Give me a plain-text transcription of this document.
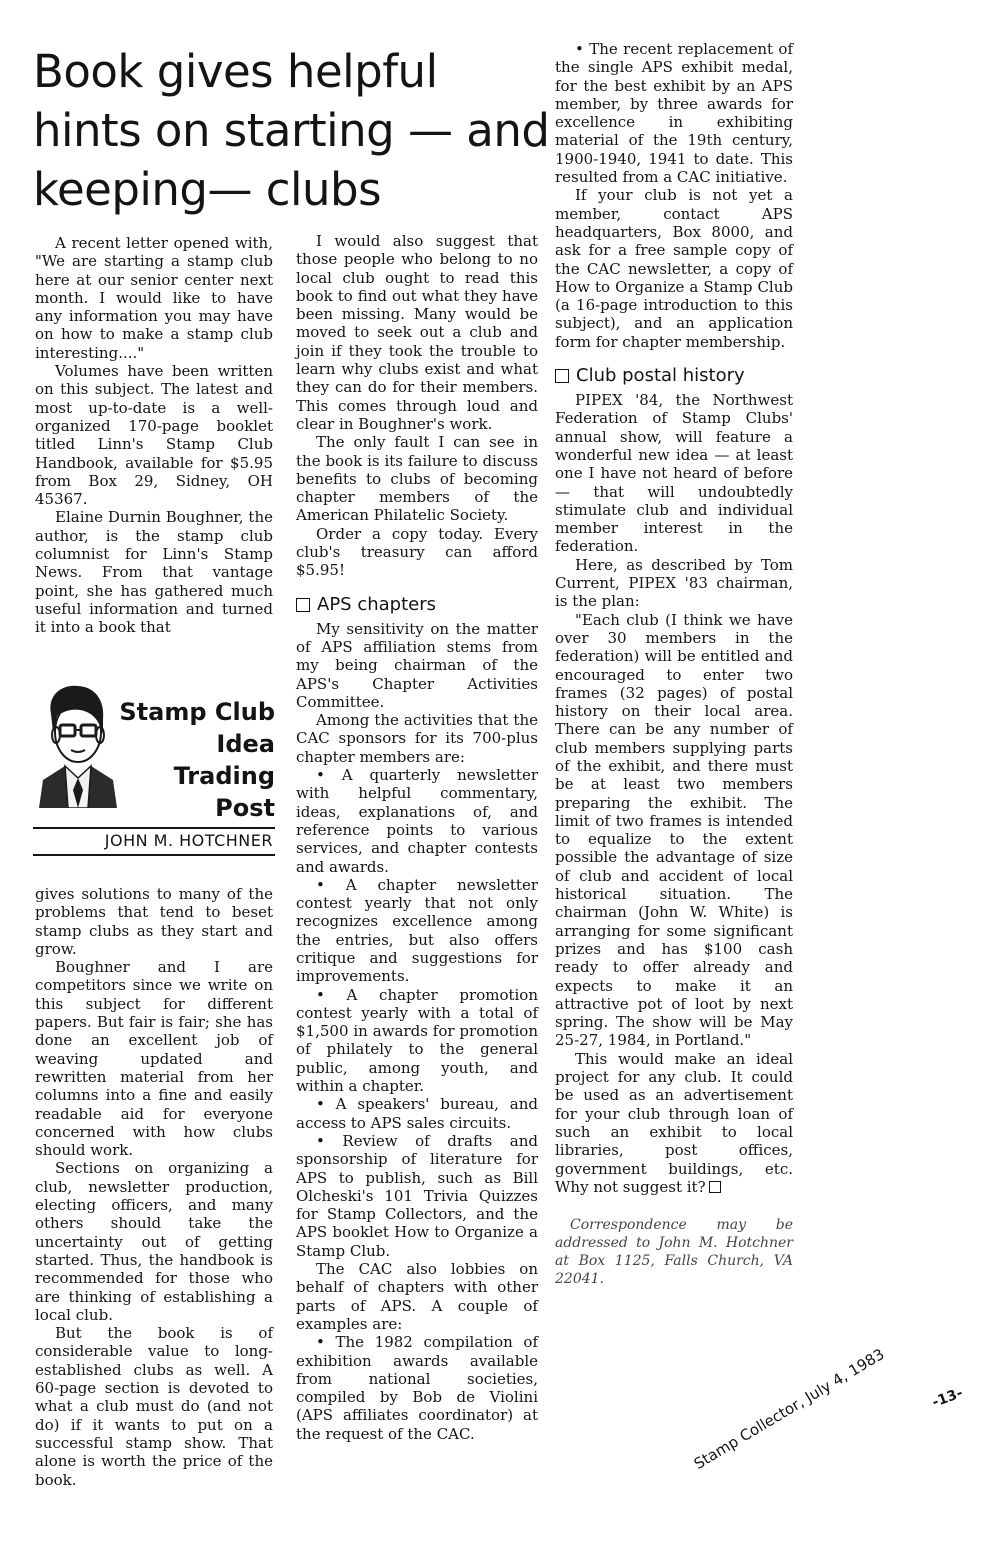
Book gives helpful hints on starting — and keeping— clubs

A recent letter opened with, "We are starting a stamp club here at our senior center next month. I would like to have any information you may have on how to make a stamp club interesting...."

Volumes have been written on this subject. The latest and most up-to-date is a well-organized 170-page booklet titled Linn's Stamp Club Handbook, available for $5.95 from Box 29, Sidney, OH 45367.

Elaine Durnin Boughner, the author, is the stamp club columnist for Linn's Stamp News. From that vantage point, she has gathered much useful information and turned it into a book that

Stamp Club
Idea
Trading
Post
JOHN M. HOTCHNER

gives solutions to many of the problems that tend to beset stamp clubs as they start and grow.

Boughner and I are competitors since we write on this subject for different papers. But fair is fair; she has done an excellent job of weaving updated and rewritten material from her columns into a fine and easily readable aid for everyone concerned with how clubs should work.

Sections on organizing a club, newsletter production, electing officers, and many others should take the uncertainty out of getting started. Thus, the handbook is recommended for those who are thinking of establishing a local club.

But the book is of considerable value to long-established clubs as well. A 60-page section is devoted to what a club must do (and not do) if it wants to put on a successful stamp show. That alone is worth the price of the book.

I would also suggest that those people who belong to no local club ought to read this book to find out what they have been missing. Many would be moved to seek out a club and join if they took the trouble to learn why clubs exist and what they can do for their members. This comes through loud and clear in Boughner's work.

The only fault I can see in the book is its failure to discuss benefits to clubs of becoming chapter members of the American Philatelic Society.

Order a copy today. Every club's treasury can afford $5.95!

APS chapters

My sensitivity on the matter of APS affiliation stems from my being chairman of the APS's Chapter Activities Committee.

Among the activities that the CAC sponsors for its 700-plus chapter members are:

• A quarterly newsletter with helpful commentary, ideas, explanations of, and reference points to various services, and chapter contests and awards.

• A chapter newsletter contest yearly that not only recognizes excellence among the entries, but also offers critique and suggestions for improvements.

• A chapter promotion contest yearly with a total of $1,500 in awards for promotion of philately to the general public, among youth, and within a chapter.

• A speakers' bureau, and access to APS sales circuits.

• Review of drafts and sponsorship of literature for APS to publish, such as Bill Olcheski's 101 Trivia Quizzes for Stamp Collectors, and the APS booklet How to Organize a Stamp Club.

The CAC also lobbies on behalf of chapters with other parts of APS. A couple of examples are:

• The 1982 compilation of exhibition awards available from national societies, compiled by Bob de Violini (APS affiliates coordinator) at the request of the CAC.

• The recent replacement of the single APS exhibit medal, for the best exhibit by an APS member, by three awards for excellence in exhibiting material of the 19th century, 1900-1940, 1941 to date. This resulted from a CAC initiative.

If your club is not yet a member, contact APS headquarters, Box 8000, and ask for a free sample copy of the CAC newsletter, a copy of How to Organize a Stamp Club (a 16-page introduction to this subject), and an application form for chapter membership.

Club postal history

PIPEX '84, the Northwest Federation of Stamp Clubs' annual show, will feature a wonderful new idea — at least one I have not heard of before — that will undoubtedly stimulate club and individual member interest in the federation.

Here, as described by Tom Current, PIPEX '83 chairman, is the plan:

"Each club (I think we have over 30 members in the federation) will be entitled and encouraged to enter two frames (32 pages) of postal history on their local area. There can be any number of club members supplying parts of the exhibit, and there must be at least two members preparing the exhibit. The limit of two frames is intended to equalize to the extent possible the advantage of size of club and accident of local historical situation. The chairman (John W. White) is arranging for some significant prizes and has $100 cash ready to offer already and expects to make it an attractive pot of loot by next spring. The show will be May 25-27, 1984, in Portland."

This would make an ideal project for any club. It could be used as an advertisement for your club through loan of such an exhibit to local libraries, post offices, government buildings, etc. Why not suggest it?

Correspondence may be addressed to John M. Hotchner at Box 1125, Falls Church, VA 22041.

-13-
Stamp Collector, July 4, 1983
